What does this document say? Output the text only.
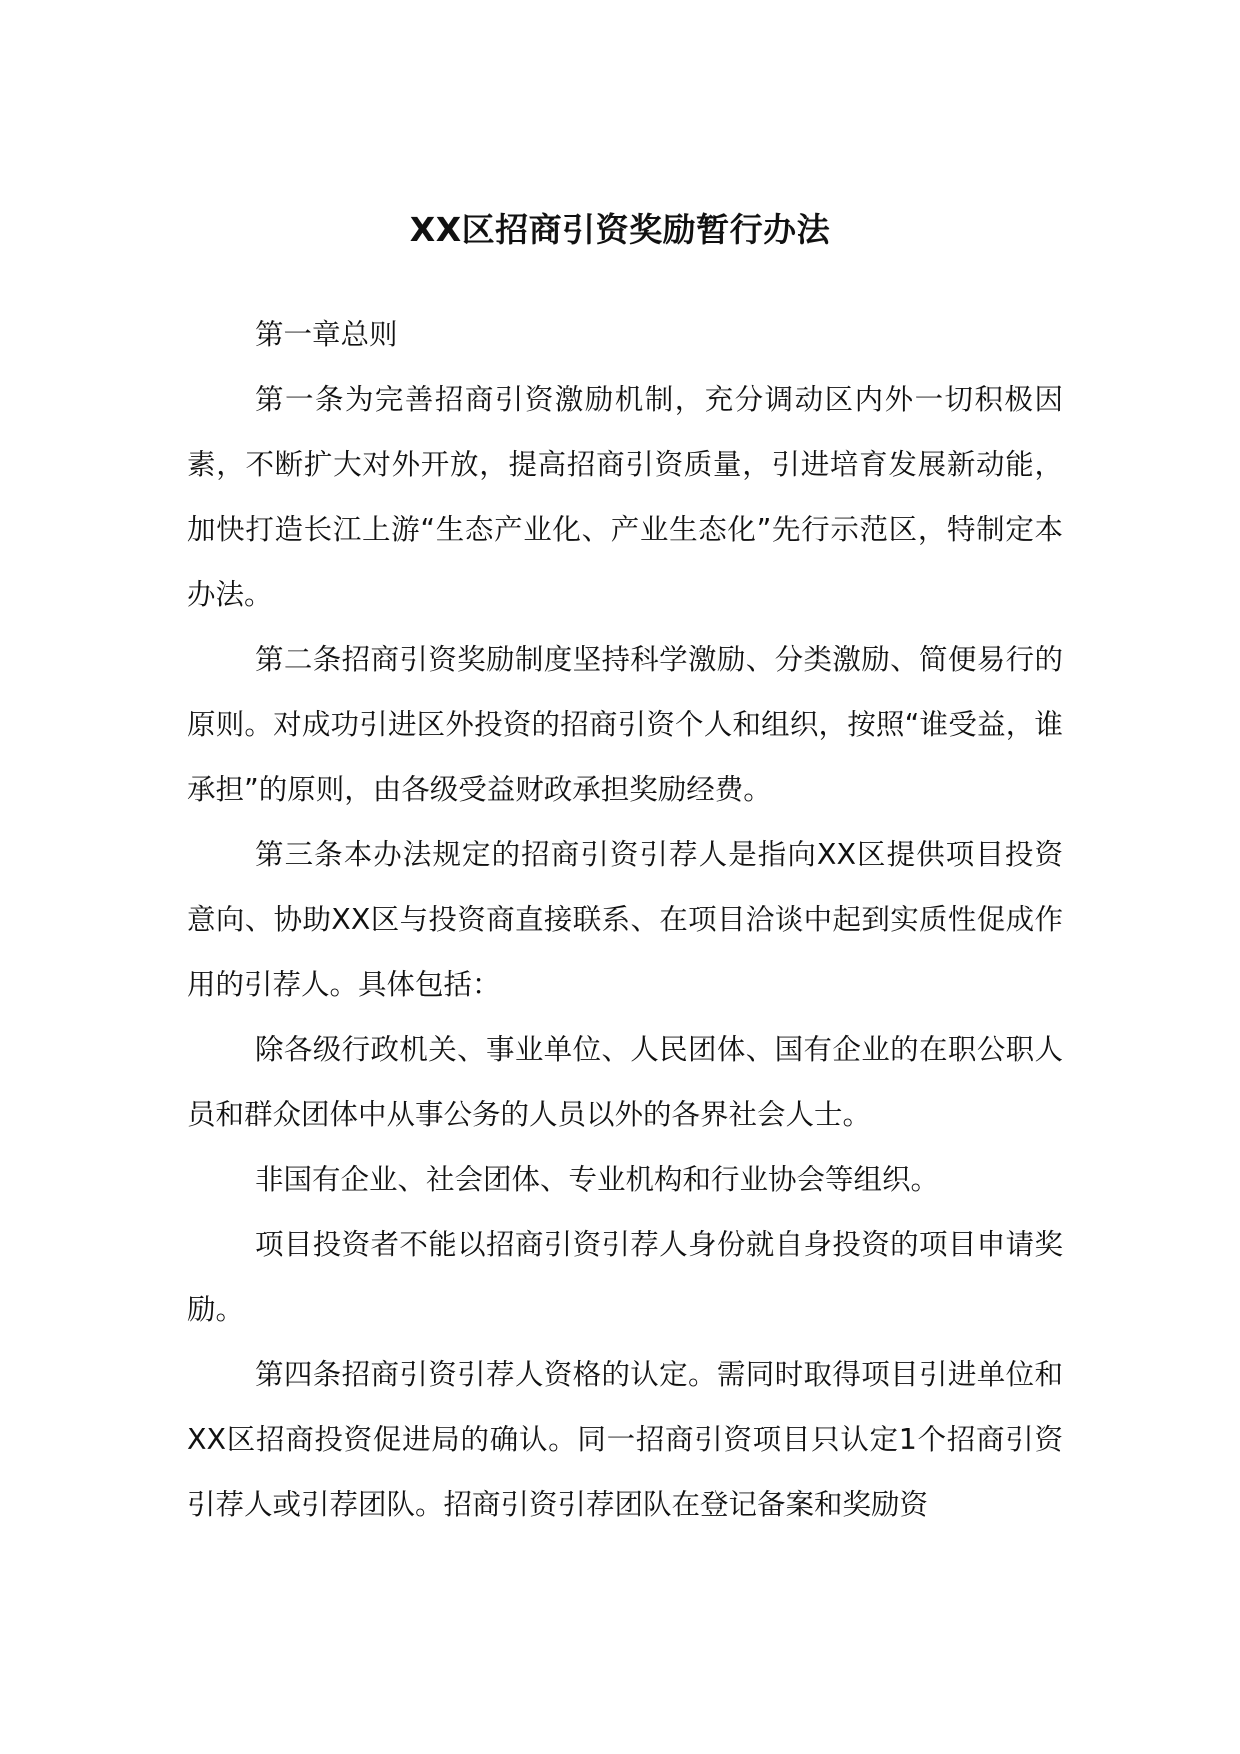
XX区招商引资奖励暂行办法

第一章总则

第一条为完善招商引资激励机制，充分调动区内外一切积极因素，不断扩大对外开放，提高招商引资质量，引进培育发展新动能，加快打造长江上游“生态产业化、产业生态化”先行示范区，特制定本办法。

第二条招商引资奖励制度坚持科学激励、分类激励、简便易行的原则。对成功引进区外投资的招商引资个人和组织，按照“谁受益，谁承担”的原则，由各级受益财政承担奖励经费。

第三条本办法规定的招商引资引荐人是指向XX区提供项目投资意向、协助XX区与投资商直接联系、在项目洽谈中起到实质性促成作用的引荐人。具体包括：

除各级行政机关、事业单位、人民团体、国有企业的在职公职人员和群众团体中从事公务的人员以外的各界社会人士。

非国有企业、社会团体、专业机构和行业协会等组织。

项目投资者不能以招商引资引荐人身份就自身投资的项目申请奖励。

第四条招商引资引荐人资格的认定。需同时取得项目引进单位和XX区招商投资促进局的确认。同一招商引资项目只认定1个招商引资引荐人或引荐团队。招商引资引荐团队在登记备案和奖励资
